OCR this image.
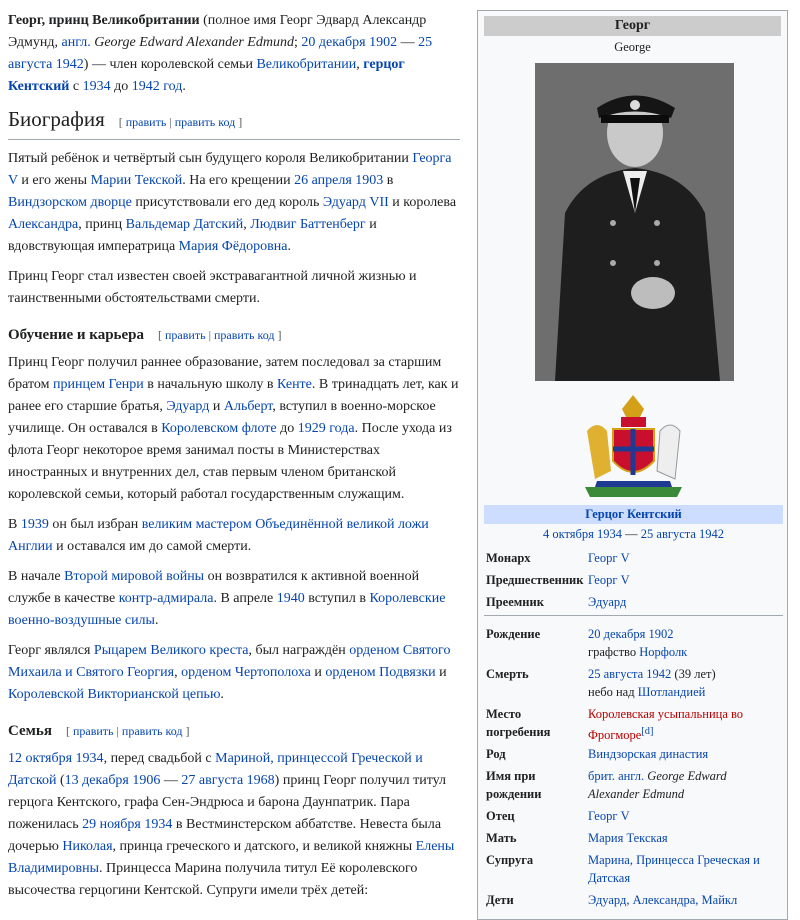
Георг, принц Великобритании (полное имя Георг Эдвард Александр Эдмунд, англ. George Edward Alexander Edmund; 20 декабря 1902 — 25 августа 1942) — член королевской семьи Великобритании, герцог Кентский с 1934 до 1942 год.

Биография [ править | править код ]

Пятый ребёнок и четвёртый сын будущего короля Великобритании Георга V и его жены Марии Текской. На его крещении 26 апреля 1903 в Виндзорском дворце присутствовали его дед король Эдуард VII и королева Александра, принц Вальдемар Датский, Людвиг Баттенберг и вдовствующая императрица Мария Фёдоровна.

Принц Георг стал известен своей экстравагантной личной жизнью и таинственными обстоятельствами смерти.

Обучение и карьера [ править | править код ]

Принц Георг получил раннее образование, затем последовал за старшим братом принцем Генри в начальную школу в Кенте. В тринадцать лет, как и ранее его старшие братья, Эдуард и Альберт, вступил в военно-морское училище. Он оставался в Королевском флоте до 1929 года. После ухода из флота Георг некоторое время занимал посты в Министерствах иностранных и внутренних дел, став первым членом британской королевской семьи, который работал государственным служащим.

В 1939 он был избран великим мастером Объединённой великой ложи Англии и оставался им до самой смерти.

В начале Второй мировой войны он возвратился к активной военной службе в качестве контр-адмирала. В апреле 1940 вступил в Королевские военно-воздушные силы.

Георг являлся Рыцарем Великого креста, был награждён орденом Святого Михаила и Святого Георгия, орденом Чертополоха и орденом Подвязки и Королевской Викторианской цепью.

Семья [ править | править код ]

12 октября 1934, перед свадьбой с Мариной, принцессой Греческой и Датской (13 декабря 1906 — 27 августа 1968) принц Георг получил титул герцога Кентского, графа Сен-Эндрюса и барона Даунпатрик. Пара поженилась 29 ноября 1934 в Вестминстерском аббатстве. Невеста была дочерью Николая, принца греческого и датского, и великой княжны Елены Владимировны. Принцесса Марина получила титул Её королевского высочества герцогини Кентской. Супруги имели трёх детей:

Георг
George
Герцог Кентский
4 октября 1934 — 25 августа 1942
Монарх	Георг V
Предшественник Георг V
Преемник	Эдуард
Рождение	20 декабря 1902
графство Норфолк
Смерть	25 августа 1942 (39 лет)
небо над Шотландией
Место
погребения
Королевская усыпальница во Фрогморе[d]
Род	Виндзорская династия
Имя при
рождении
брит. англ. George Edward Alexander Edmund
Отец	Георг V
Мать	Мария Текская
Супруга	Марина, Принцесса Греческая и Датская
Дети	Эдуард, Александра, Майкл
